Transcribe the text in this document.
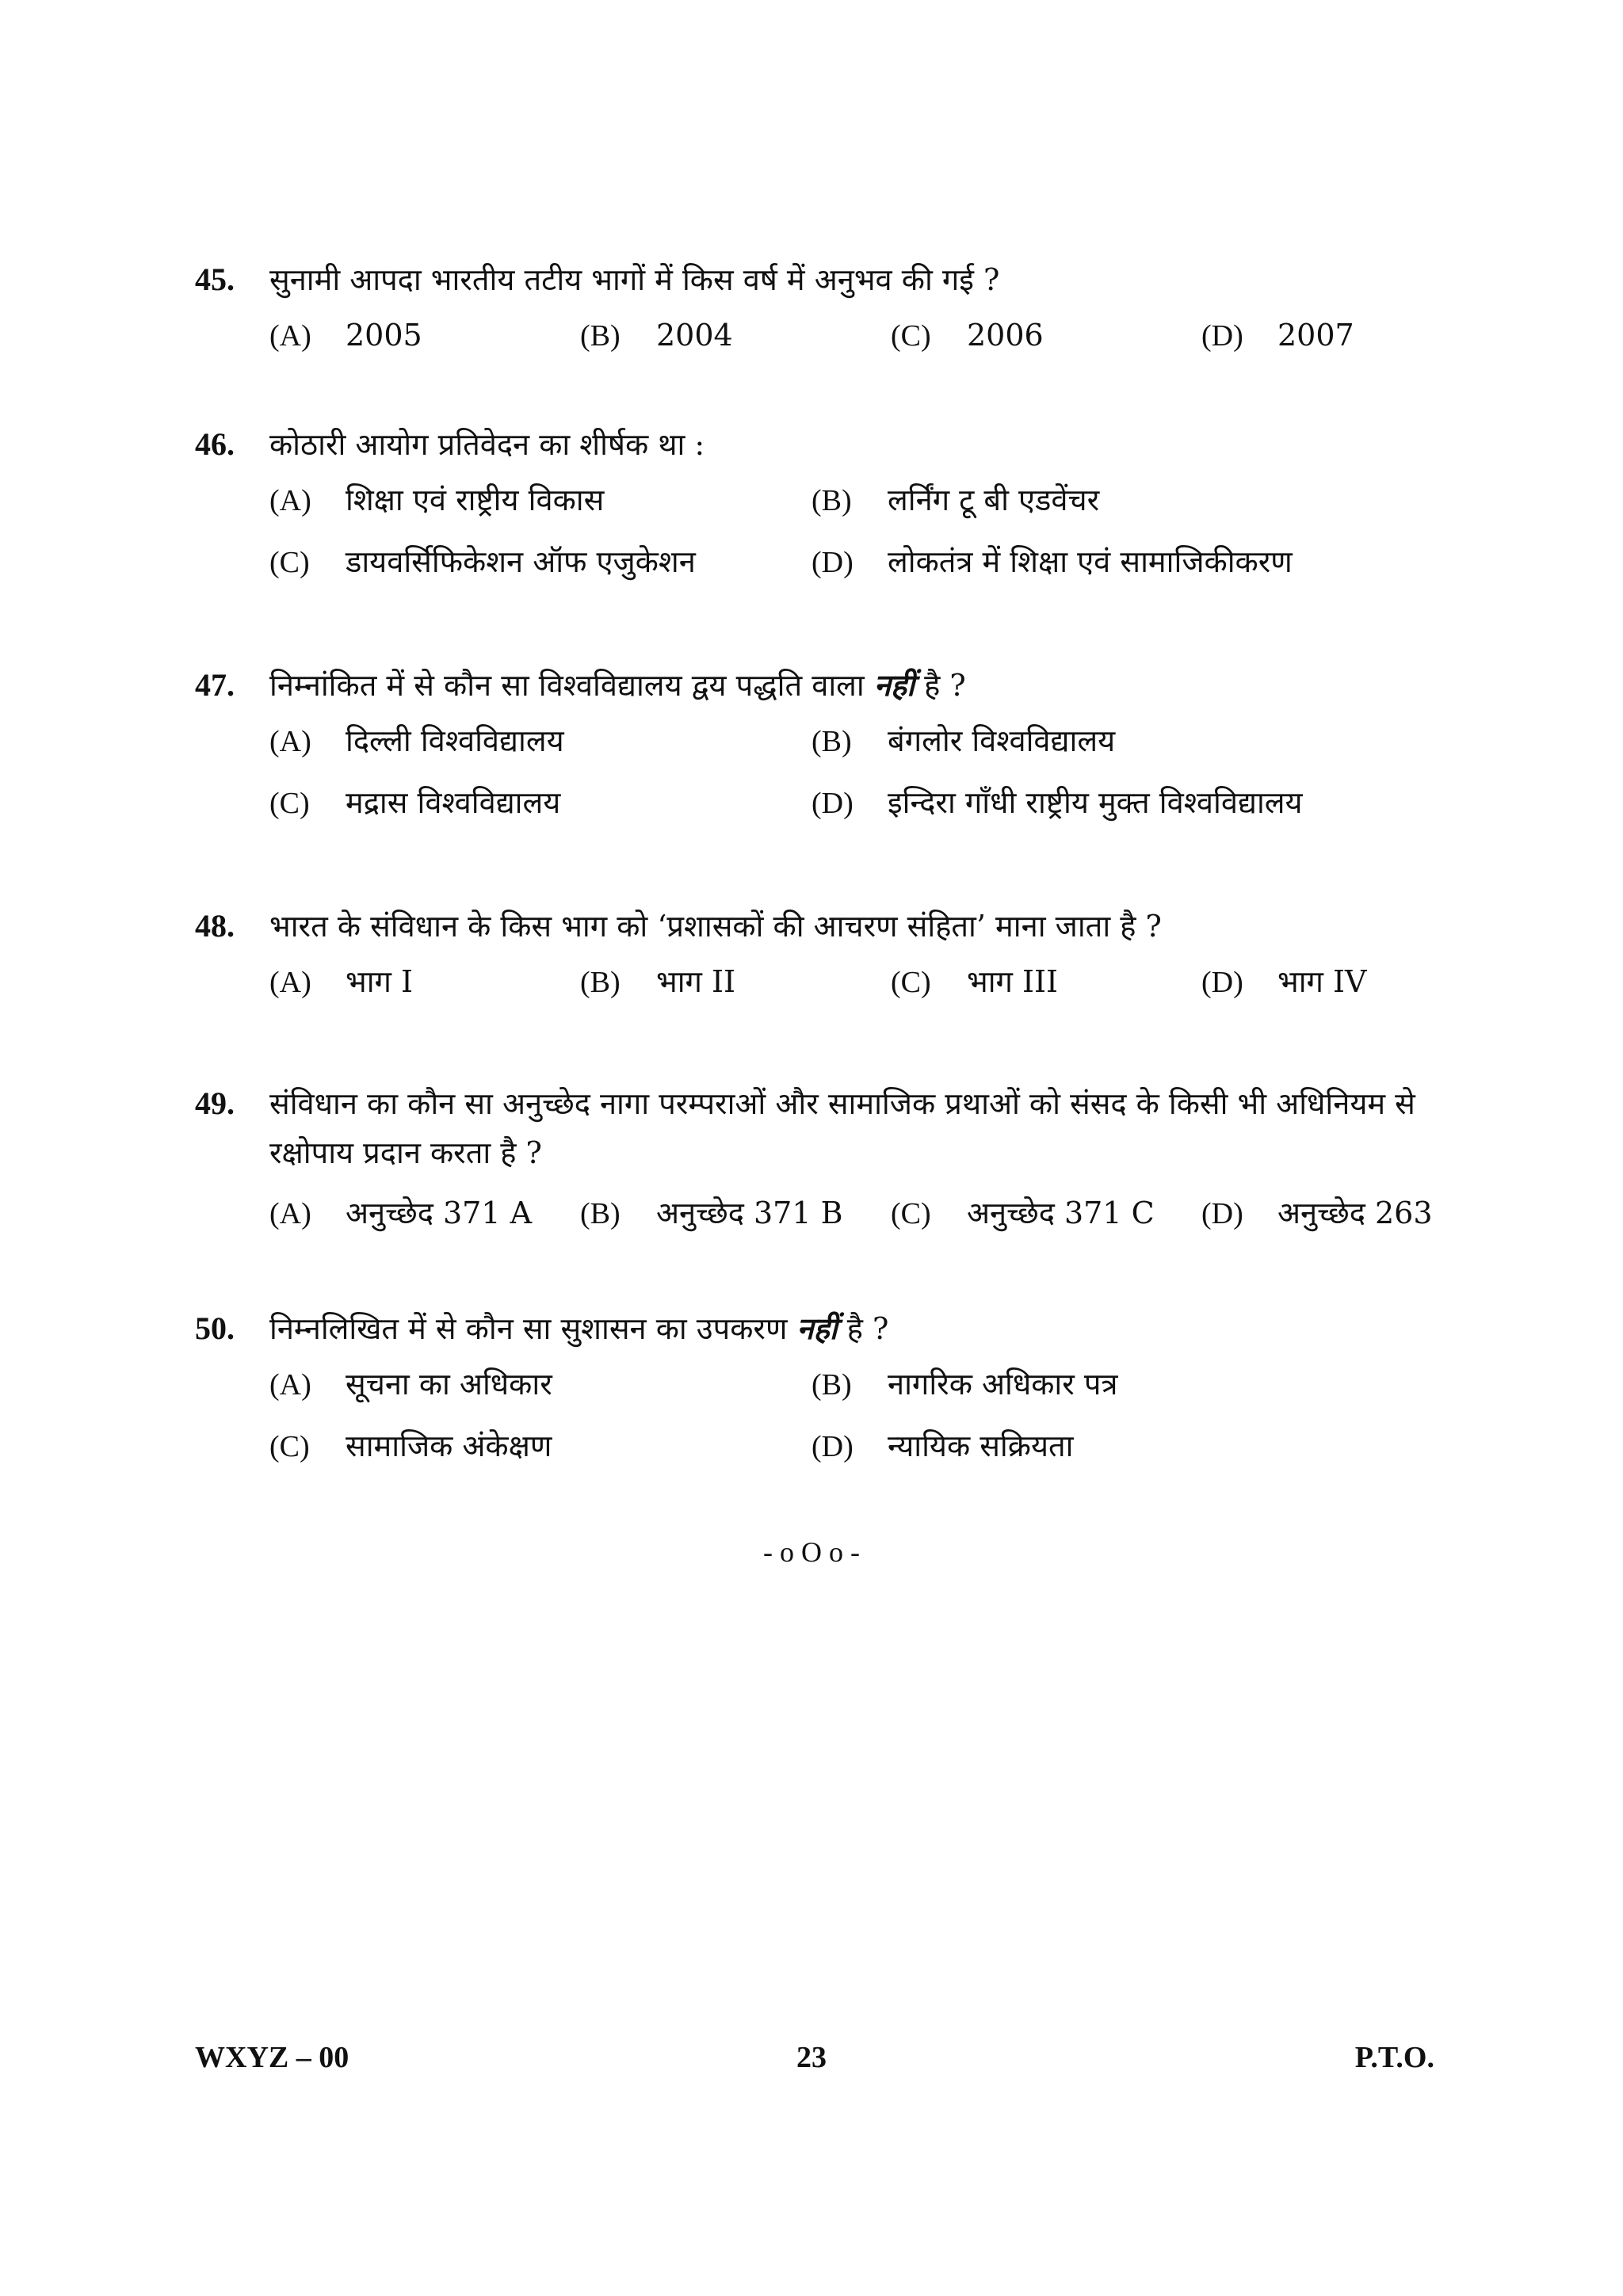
45. सुनामी आपदा भारतीय तटीय भागों में किस वर्ष में अनुभव की गई ?
(A) 2005	(B) 2004	(C) 2006	(D) 2007
46. कोठारी आयोग प्रतिवेदन का शीर्षक था :
(A) शिक्षा एवं राष्ट्रीय विकास	(B) लर्निंग टू बी एडवेंचर
(C) डायवर्सिफिकेशन ऑफ एजुकेशन	(D) लोकतंत्र में शिक्षा एवं सामाजिकीकरण
47. निम्नांकित में से कौन सा विश्वविद्यालय द्वय पद्धति वाला नहीं है ?
(A) दिल्ली विश्वविद्यालय	(B) बंगलोर विश्वविद्यालय
(C) मद्रास विश्वविद्यालय	(D) इन्दिरा गाँधी राष्ट्रीय मुक्त विश्वविद्यालय
48. भारत के संविधान के किस भाग को ‘प्रशासकों की आचरण संहिता’ माना जाता है ?
(A) भाग I	(B) भाग II	(C) भाग III	(D) भाग IV
49. संविधान का कौन सा अनुच्छेद नागा परम्पराओं और सामाजिक प्रथाओं को संसद के किसी भी अधिनियम से रक्षोपाय प्रदान करता है ?
(A) अनुच्छेद 371 A (B) अनुच्छेद 371 B (C) अनुच्छेद 371 C (D) अनुच्छेद 263
50. निम्नलिखित में से कौन सा सुशासन का उपकरण नहीं है ?
(A) सूचना का अधिकार	(B) नागरिक अधिकार पत्र
(C) सामाजिक अंकेक्षण	(D) न्यायिक सक्रियता
- o O o -
WXYZ – 00	23	P.T.O.
